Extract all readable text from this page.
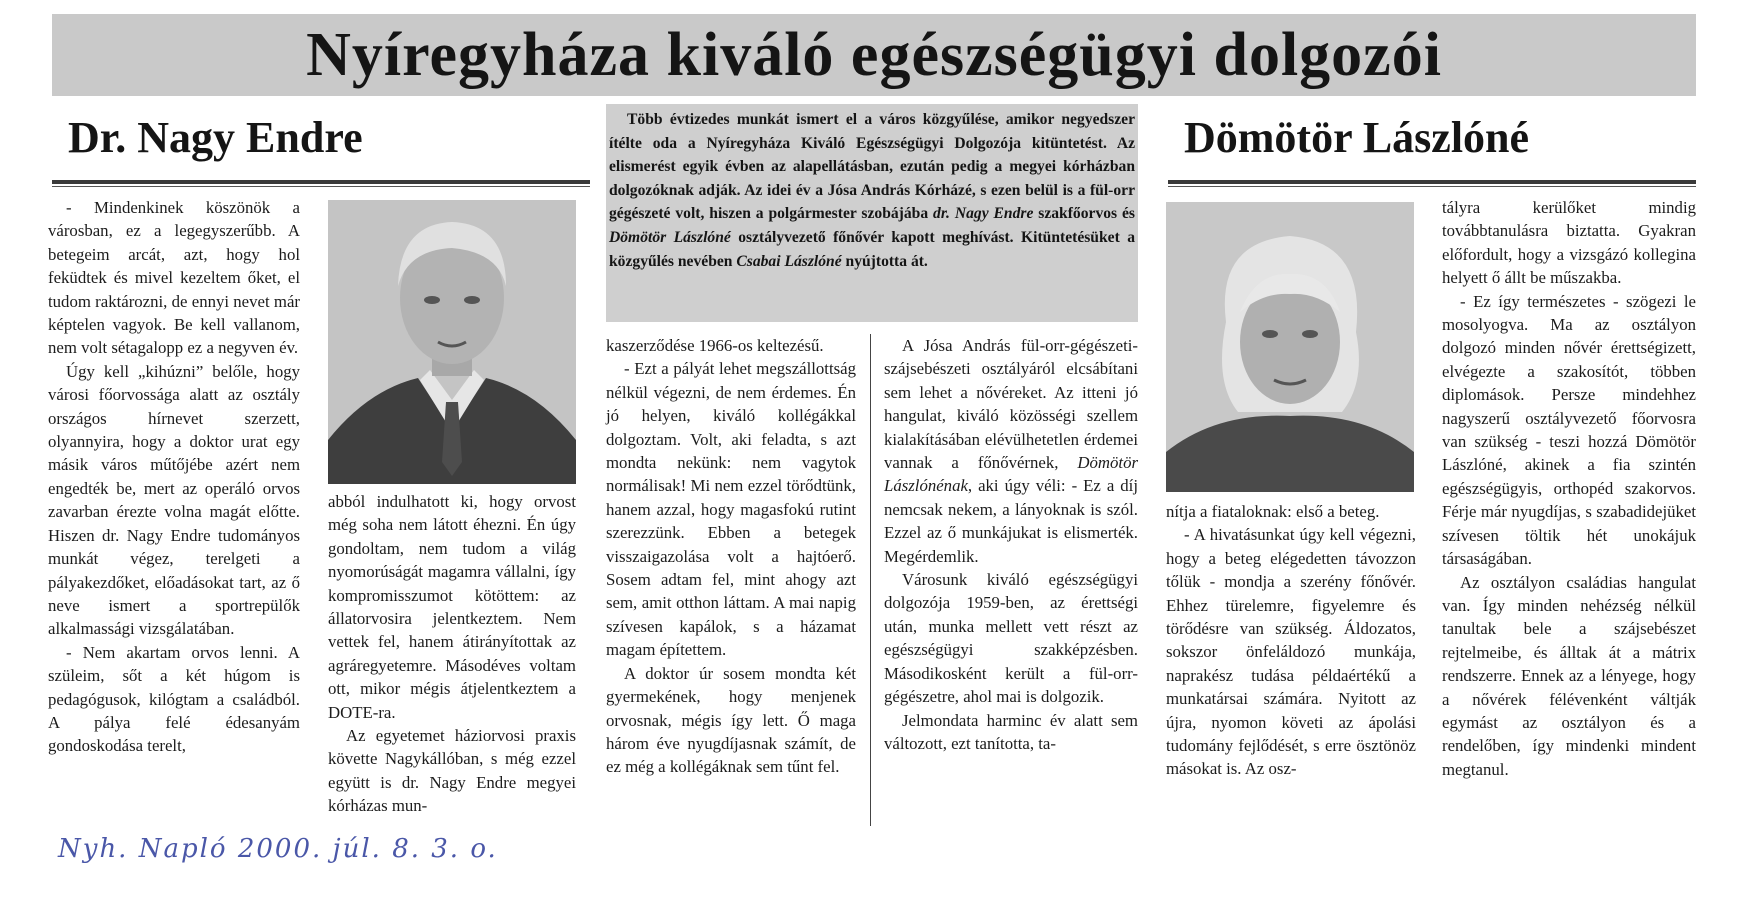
Nyíregyháza kiváló egészségügyi dolgozói
Dr. Nagy Endre	Több évtizedes munkát ismert el a város közgyűlése, amikor negyedszer ítélte oda a Nyíregyháza Kiváló Egészségügyi Dolgozója kitüntetést. Az elismerést egyik évben az alapellátásban, ezután pedig a megyei kórházban dolgozóknak adják. Az idei év a Jósa András Kórházé, s ezen belül is a fül-orr gégészeté volt, hiszen a polgármester szobájába dr. Nagy Endre szakfőorvos és Dömötör Lászlóné osztályvezető főnővér kapott meghívást. Kitüntetésüket a közgyűlés nevében Csabai Lászlóné nyújtotta át.
Dömötör Lászlóné

- Mindenkinek köszönök a városban, ez a legegyszerűbb. A betegeim arcát, azt, hogy hol feküdtek és mivel kezeltem őket, el tudom raktározni, de ennyi nevet már képtelen vagyok. Be kell vallanom, nem volt sétagalopp ez a negyven év.

Úgy kell „kihúzni” belőle, hogy városi főorvossága alatt az osztály országos hírnevet szerzett, olyannyira, hogy a doktor urat egy másik város műtőjébe azért nem engedték be, mert az operáló orvos zavarban érezte volna magát előtte. Hiszen dr. Nagy Endre tudományos munkát végez, terelgeti a pályakezdőket, előadásokat tart, az ő neve ismert a sportrepülők alkalmassági vizsgálatában.

- Nem akartam orvos lenni. A szüleim, sőt a két húgom is pedagógusok, kilógtam a családból. A pálya felé édesanyám gondoskodása terelt,

abból indulhatott ki, hogy orvost még soha nem látott éhezni. Én úgy gondoltam, nem tudom a világ nyomorúságát magamra vállalni, így kompromisszumot kötöttem: az állatorvosira jelentkeztem. Nem vettek fel, hanem átirányítottak az agráregyetemre. Másodéves voltam ott, mikor mégis átjelentkeztem a DOTE-ra.

Az egyetemet háziorvosi praxis követte Nagykállóban, s még ezzel együtt is dr. Nagy Endre megyei kórházas mun-

kaszerződése 1966-os keltezésű.

- Ezt a pályát lehet megszállottság nélkül végezni, de nem érdemes. Én jó helyen, kiváló kollégákkal dolgoztam. Volt, aki feladta, s azt mondta nekünk: nem vagytok normálisak! Mi nem ezzel törődtünk, hanem azzal, hogy magasfokú rutint szerezzünk. Ebben a betegek visszaigazolása volt a hajtóerő. Sosem adtam fel, mint ahogy azt sem, amit otthon láttam. A mai napig szívesen kapálok, s a házamat magam építettem.

A doktor úr sosem mondta két gyermekének, hogy menjenek orvosnak, mégis így lett. Ő maga három éve nyugdíjasnak számít, de ez még a kollégáknak sem tűnt fel.

A Jósa András fül-orr-gégészeti-szájsebészeti osztályáról elcsábítani sem lehet a nővéreket. Az itteni jó hangulat, kiváló közösségi szellem kialakításában elévülhetetlen érdemei vannak a főnővérnek, Dömötör Lászlónénak, aki úgy véli: - Ez a díj nemcsak nekem, a lányoknak is szól. Ezzel az ő munkájukat is elismerték. Megérdemlik.

Városunk kiváló egészségügyi dolgozója 1959-ben, az érettségi után, munka mellett vett részt az egészségügyi szakképzésben. Másodikosként került a fül-orr-gégészetre, ahol mai is dolgozik.

Jelmondata harminc év alatt sem változott, ezt tanította, ta-

nítja a fiataloknak: első a beteg.

- A hivatásunkat úgy kell végezni, hogy a beteg elégedetten távozzon tőlük - mondja a szerény főnővér. Ehhez türelemre, figyelemre és törődésre van szükség. Áldozatos, sokszor önfeláldozó munkája, naprakész tudása példaértékű a munkatársai számára. Nyitott az újra, nyomon követi az ápolási tudomány fejlődését, s erre ösztönöz másokat is. Az osz-

tályra kerülőket mindig továbbtanulásra biztatta. Gyakran előfordult, hogy a vizsgázó kollegina helyett ő állt be műszakba.

- Ez így természetes - szögezi le mosolyogva. Ma az osztályon dolgozó minden nővér érettségizett, elvégezte a szakosítót, többen diplomások. Persze mindehhez nagyszerű osztályvezető főorvosra van szükség - teszi hozzá Dömötör Lászlóné, akinek a fia szintén egészségügyis, orthopéd szakorvos. Férje már nyugdíjas, s szabadidejüket szívesen töltik hét unokájuk társaságában.

Az osztályon családias hangulat van. Így minden nehézség nélkül tanultak bele a szájsebészet rejtelmeibe, és álltak át a mátrix rendszerre. Ennek az a lényege, hogy a nővérek félévenként váltják egymást az osztályon és a rendelőben, így mindenki mindent megtanul.

Nyh. Napló 2000. júl. 8. 3. o.
